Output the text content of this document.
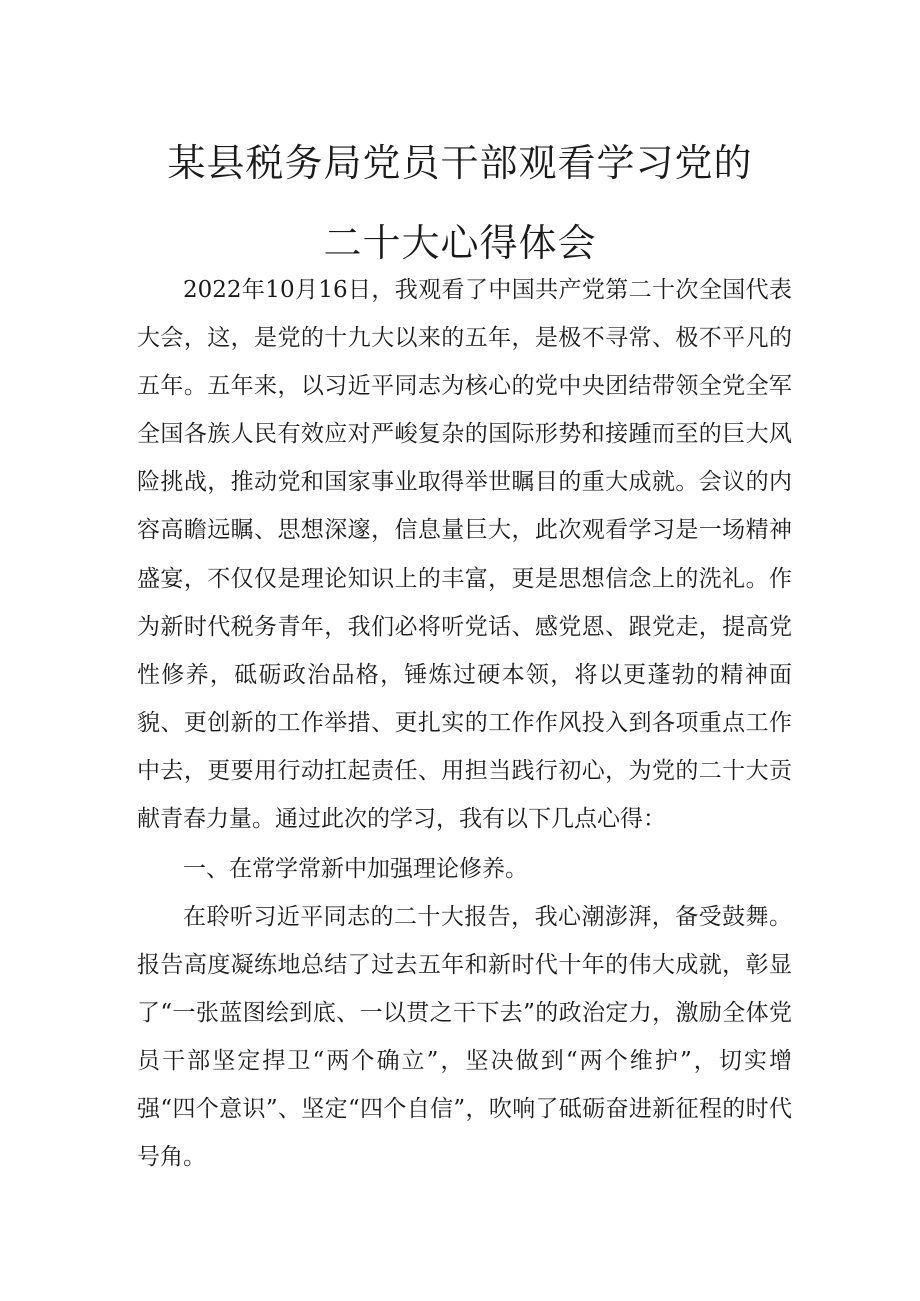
某县税务局党员干部观看学习党的
二十大心得体会

2022年10月16日，我观看了中国共产党第二十次全国代表大会，这，是党的十九大以来的五年，是极不寻常、极不平凡的五年。五年来，以习近平同志为核心的党中央团结带领全党全军全国各族人民有效应对严峻复杂的国际形势和接踵而至的巨大风险挑战，推动党和国家事业取得举世瞩目的重大成就。会议的内容高瞻远瞩、思想深邃，信息量巨大，此次观看学习是一场精神盛宴，不仅仅是理论知识上的丰富，更是思想信念上的洗礼。作为新时代税务青年，我们必将听党话、感党恩、跟党走，提高党性修养，砥砺政治品格，锤炼过硬本领，将以更蓬勃的精神面貌、更创新的工作举措、更扎实的工作作风投入到各项重点工作中去，更要用行动扛起责任、用担当践行初心，为党的二十大贡献青春力量。通过此次的学习，我有以下几点心得：

一、在常学常新中加强理论修养。

在聆听习近平同志的二十大报告，我心潮澎湃，备受鼓舞。报告高度凝练地总结了过去五年和新时代十年的伟大成就，彰显了“一张蓝图绘到底、一以贯之干下去”的政治定力，激励全体党员干部坚定捍卫“两个确立”，坚决做到“两个维护”，切实增强“四个意识”、坚定“四个自信”，吹响了砥砺奋进新征程的时代号角。
